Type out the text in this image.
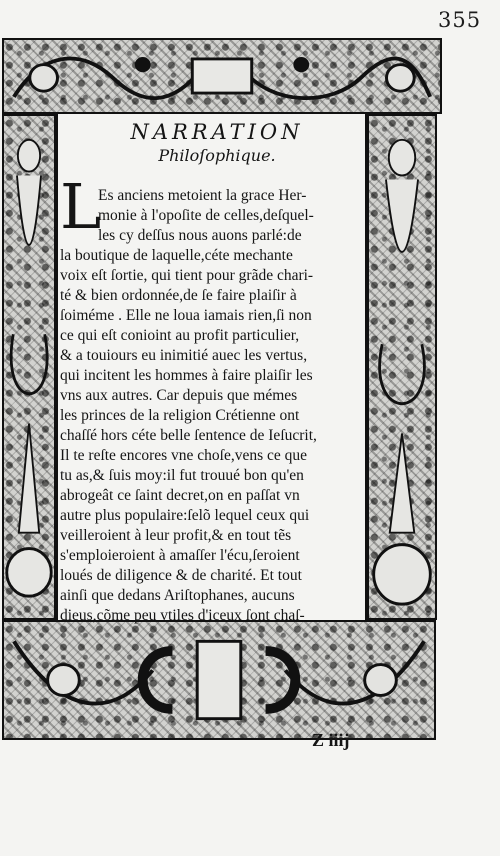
355
NARRATION
Philoſophique.
L
Es anciens metoient la grace Her-
monie à l'opoſite de celles,deſquel-
les cy deſſus nous auons parlé:de
la boutique de laquelle,céte mechante
voix eſt ſortie, qui tient pour grãde chari-
té & bien ordonnée,de ſe faire plaiſir à
ſoiméme . Elle ne loua iamais rien,ſi non
ce qui eſt conioint au profit particulier,
& a touiours eu inimitié auec les vertus,
qui incitent les hommes à faire plaiſir les
vns aux autres. Car depuis que mémes
les princes de la religion Crétienne ont
chaſſé hors céte belle ſentence de Ieſucrit,
Il te reſte encores vne choſe,vens ce que
tu as,& ſuis moy:il fut trouué bon qu'en
abrogeât ce ſaint decret,on en paſſat vn
autre plus populaire:ſelõ lequel ceux qui
veilleroient à leur profit,& en tout tẽs
s'emploieroient à amaſſer l'écu,ſeroient
loués de diligence & de charité. Et tout
ainſi que dedans Ariſtophanes, aucuns
dieus,cõme peu vtiles d'iceux ſont chaſ-
Z iiij
